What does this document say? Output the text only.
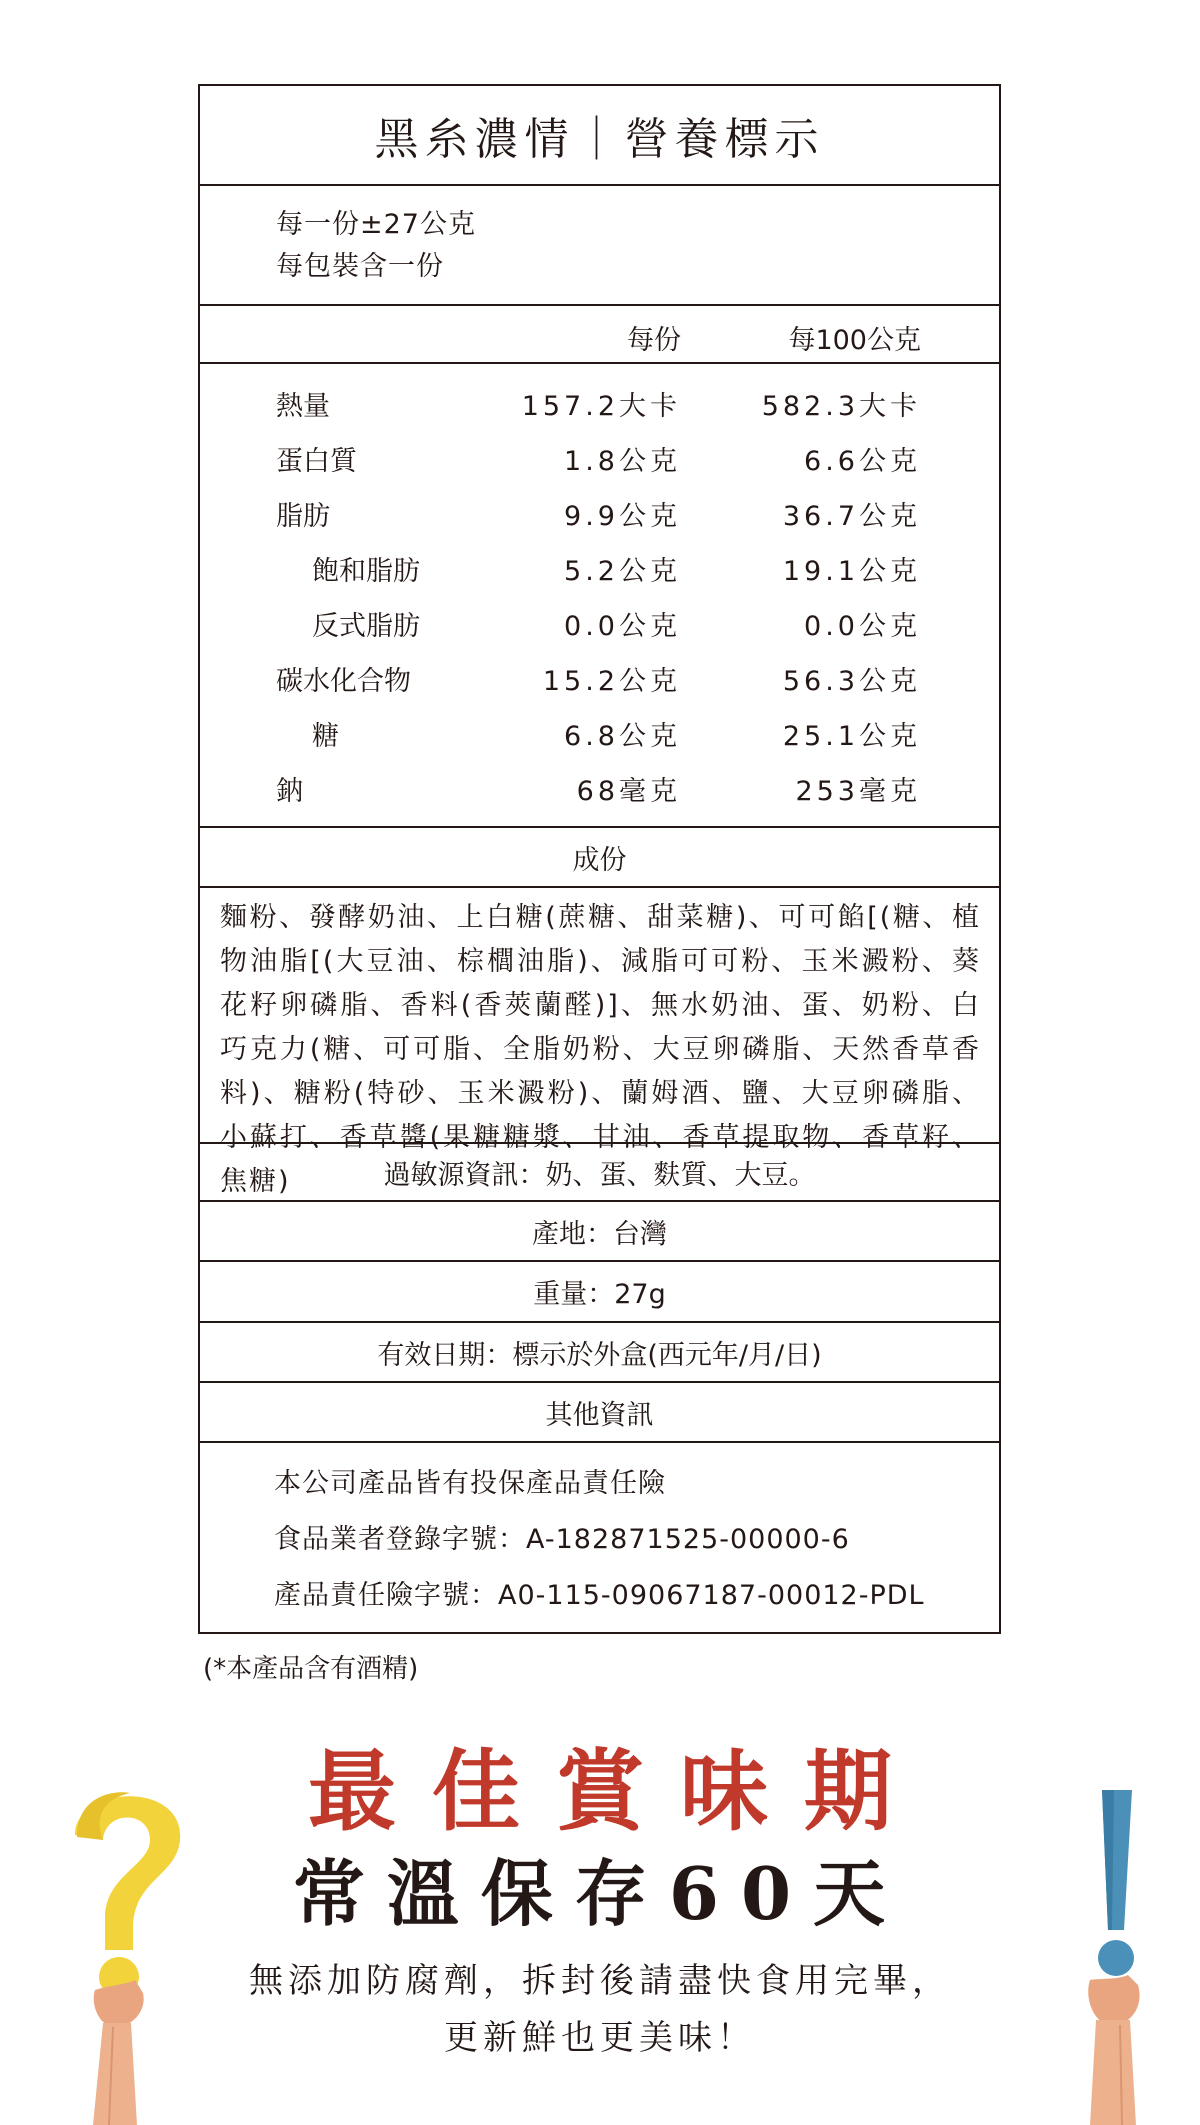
黑糸濃情｜營養標示
每一份±27公克
每包裝含一份
每份	每100公克
熱量	157.2大卡	582.3大卡
蛋白質	1.8公克	6.6公克
脂肪	9.9公克	36.7公克
飽和脂肪	5.2公克	19.1公克
反式脂肪	0.0公克	0.0公克
碳水化合物	15.2公克	56.3公克
糖	6.8公克	25.1公克
鈉	68毫克	253毫克
成份

麵粉、發酵奶油、上白糖(蔗糖、甜菜糖)、可可餡[(糖、植物油脂[(大豆油、棕櫚油脂)、減脂可可粉、玉米澱粉、葵花籽卵磷脂、香料(香莢蘭醛)]、無水奶油、蛋、奶粉、白巧克力(糖、可可脂、全脂奶粉、大豆卵磷脂、天然香草香料)、糖粉(特砂、玉米澱粉)、蘭姆酒、鹽、大豆卵磷脂、小蘇打、香草醬(果糖糖漿、甘油、香草提取物、香草籽、焦糖)	過敏源資訊：奶、蛋、麩質、大豆。
產地：台灣
重量：27g
有效日期：標示於外盒(西元年/月/日)
其他資訊
本公司產品皆有投保產品責任險
食品業者登錄字號：A-182871525-00000-6
產品責任險字號：A0-115-09067187-00012-PDL
(*本產品含有酒精)
最佳賞味期
常溫保存60天
無添加防腐劑，拆封後請盡快食用完畢，
更新鮮也更美味！
